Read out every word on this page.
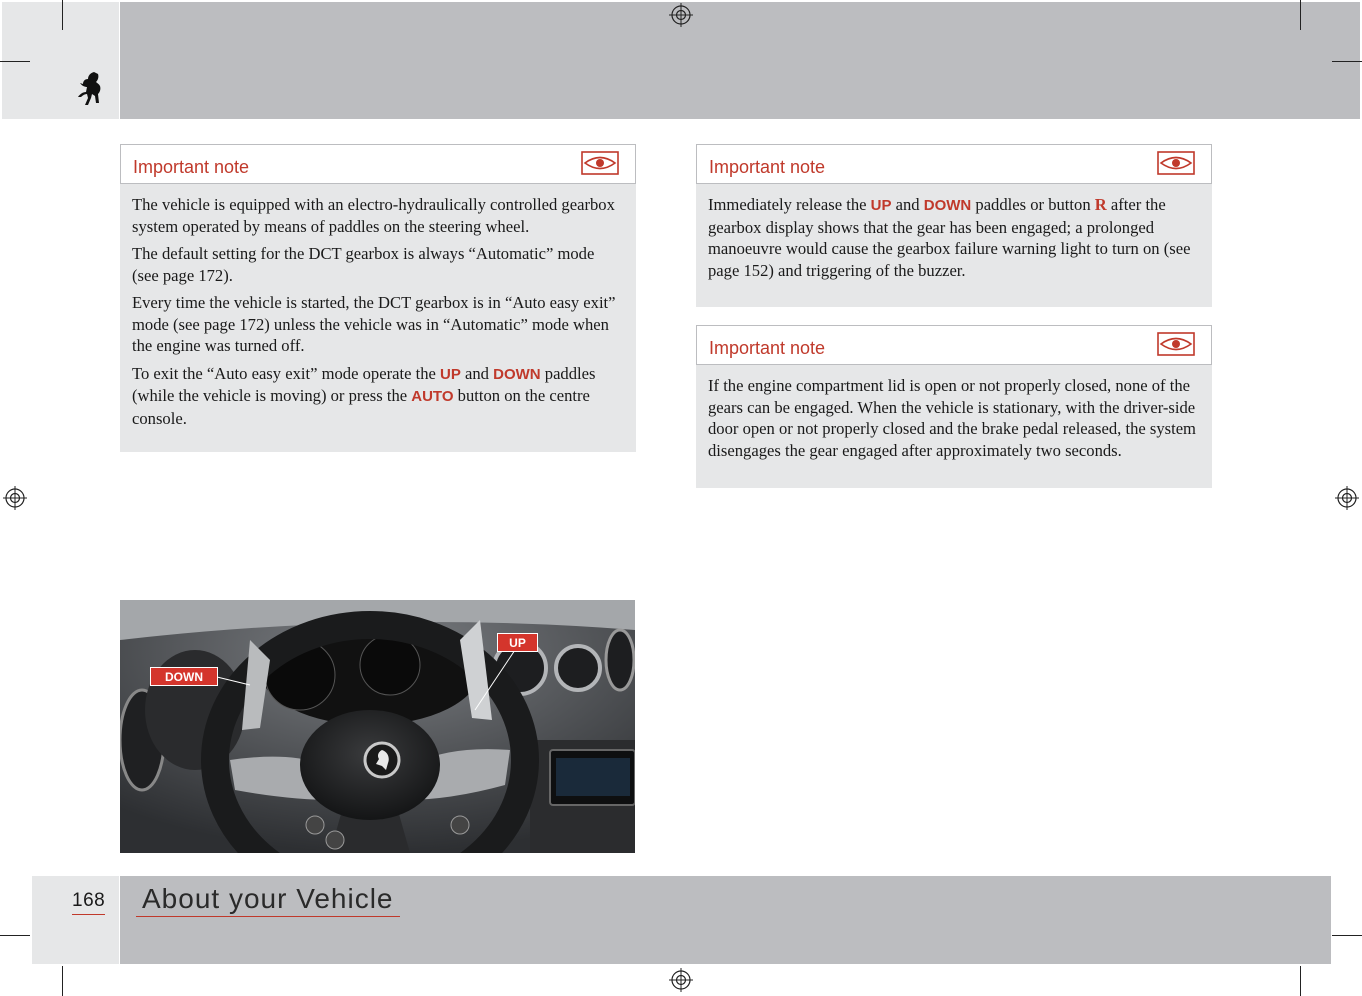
Important note

The vehicle is equipped with an electro-hydraulically controlled gearbox system operated by means of paddles on the steering wheel.

The default setting for the DCT gearbox is always “Automatic” mode (see page 172).

Every time the vehicle is started, the DCT gearbox is in “Auto easy exit” mode (see page 172) unless the vehicle was in “Automatic” mode when the engine was turned off.

To exit the “Auto easy exit” mode operate the UP and DOWN paddles (while the vehicle is moving) or press the AUTO button on the centre console.

Important note

Immediately release the UP and DOWN paddles or button R after the gearbox display shows that the gear has been engaged; a prolonged manoeuvre would cause the gearbox failure warning light to turn on (see page 152) and triggering of the buzzer.

Important note

If the engine compartment lid is open or not properly closed, none of the gears can be engaged. When the vehicle is stationary, with the driver-side door open or not properly closed and the brake pedal released, the system disengages the gear engaged after approximately two seconds.

DOWN
UP
168 About your Vehicle
